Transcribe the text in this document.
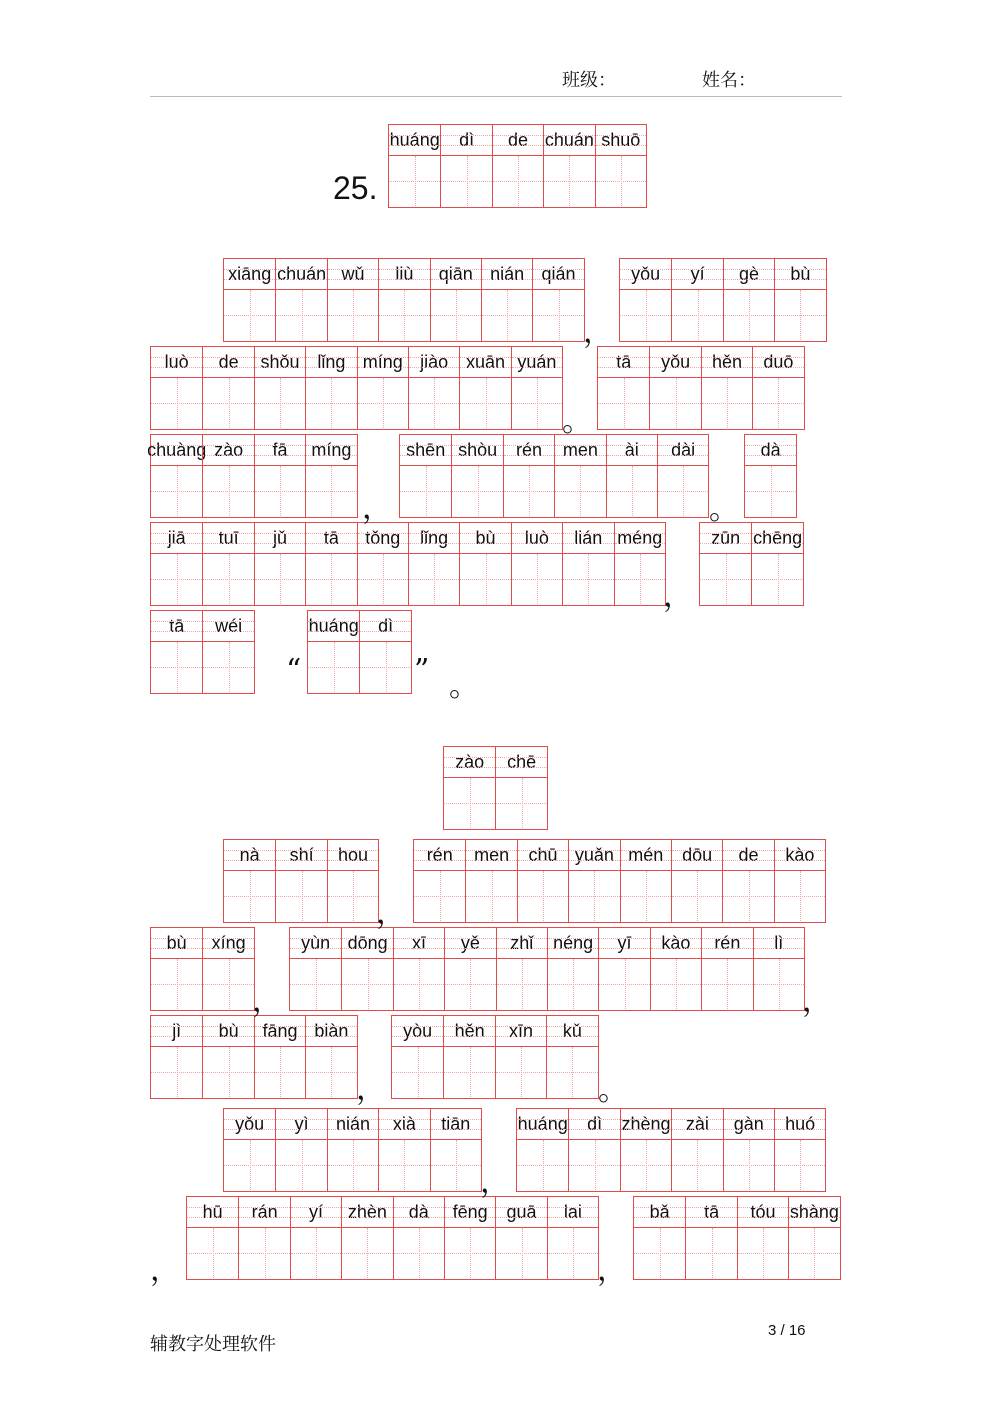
班级：	姓名：
25.
huáng	dì	de chuán shuō
xiāng chuán wǔ	liù	qiān nián qián	yǒu	yí	gè	bù
luò	de	shǒu lǐng míng jiào xuān yuán	tā	yǒu	hěn	duō
chuàng zào	fā	míng	shēn shòu	rén	men	ài	dài	dà
jiā	tuī	jǔ	tā	tǒng	lǐng	bù	luò	lián méng	zūn chēng
tā	wéi	huáng	dì
zào	chē
nà	shí	hou	rén	men	chū yuǎn mén	dōu	de	kào
bù	xíng	yùn dōng	xī	yě	zhǐ	néng	yī	kào	rén	lì
jì	bù	fāng biàn	yòu	hěn	xīn	kǔ
yǒu	yì	nián	xià	tiān	huáng	dì	zhèng zài	gàn	huó
hū	rán	yí	zhèn	dà	fēng	guā	lai	bǎ	tā	tóu shàng
，
。
，	。
，
“	” 。
，
，	，
，	。
，
，	，
辅教字处理软件
3 / 16
